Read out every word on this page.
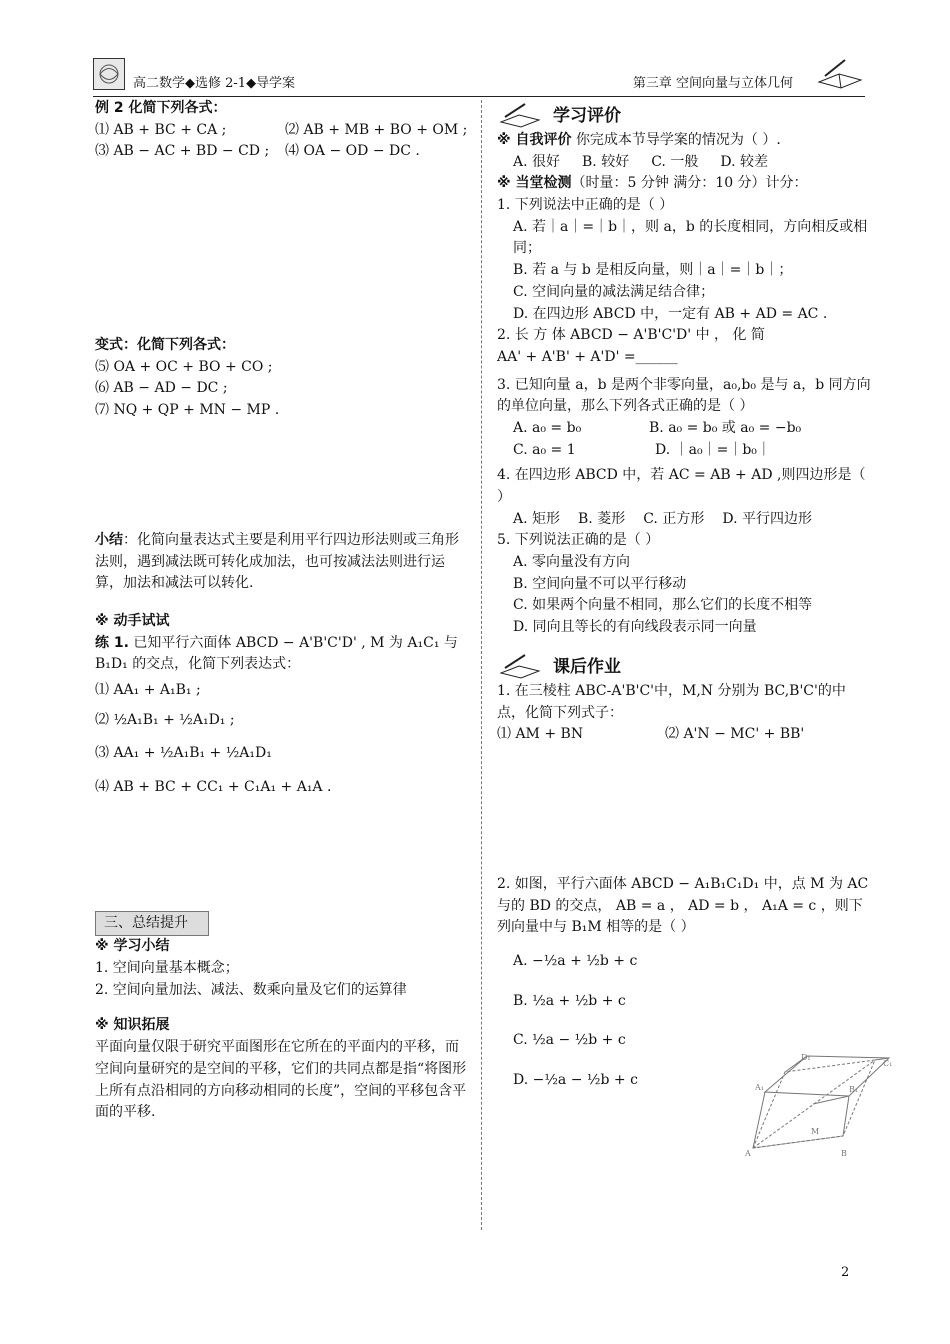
高二数学◆选修 2-1◆导学案	第三章 空间向量与立体几何
例 2 化简下列各式：
⑴ AB + BC + CA ;	⑵ AB + MB + BO + OM ;
⑶ AB − AC + BD − CD ;	⑷ OA − OD − DC .
变式：化简下列各式：
⑸ OA + OC + BO + CO ;
⑹ AB − AD − DC ;
⑺ NQ + QP + MN − MP .
小结：化简向量表达式主要是利用平行四边形法则或三角形法则，遇到减法既可转化成加法，也可按减法法则进行运算，加法和减法可以转化.
※ 动手试试
练 1. 已知平行六面体 ABCD − A'B'C'D' , M 为 A₁C₁ 与 B₁D₁ 的交点，化简下列表达式：
⑴ AA₁ + A₁B₁ ;
⑵ ½A₁B₁ + ½A₁D₁ ;
⑶ AA₁ + ½A₁B₁ + ½A₁D₁
⑷ AB + BC + CC₁ + C₁A₁ + A₁A .
三、总结提升
※ 学习小结
1. 空间向量基本概念；
2. 空间向量加法、减法、数乘向量及它们的运算律
※ 知识拓展
平面向量仅限于研究平面图形在它所在的平面内的平移，而空间向量研究的是空间的平移，它们的共同点都是指“将图形上所有点沿相同的方向移动相同的长度”，空间的平移包含平面的平移.
学习评价
※ 自我评价 你完成本节导学案的情况为（ ）.
A. 很好 B. 较好 C. 一般 D. 较差
※ 当堂检测（时量：5 分钟 满分：10 分）计分：
1. 下列说法中正确的是（ ）
A. 若｜a｜=｜b｜，则 a，b 的长度相同，方向相反或相同；
B. 若 a 与 b 是相反向量，则｜a｜=｜b｜；
C. 空间向量的减法满足结合律；
D. 在四边形 ABCD 中，一定有 AB + AD = AC .
2. 长 方 体 ABCD − A'B'C'D' 中 ， 化 简
AA' + A'B' + A'D' =______
3. 已知向量 a，b 是两个非零向量，a₀,b₀ 是与 a，b 同方向的单位向量，那么下列各式正确的是（ ）
A. a₀ = b₀	B. a₀ = b₀ 或 a₀ = −b₀
C. a₀ = 1	D. ｜a₀｜=｜b₀｜
4. 在四边形 ABCD 中，若 AC = AB + AD ,则四边形是（ ）
A. 矩形 B. 菱形 C. 正方形 D. 平行四边形
5. 下列说法正确的是（ ）
A. 零向量没有方向
B. 空间向量不可以平行移动
C. 如果两个向量不相同，那么它们的长度不相等
D. 同向且等长的有向线段表示同一向量
课后作业
1. 在三棱柱 ABC-A'B'C'中，M,N 分别为 BC,B'C'的中点，化简下列式子：
⑴ AM + BN	⑵ A'N − MC' + BB'
2. 如图，平行六面体 ABCD − A₁B₁C₁D₁ 中，点 M 为 AC 与的 BD 的交点， AB = a ， AD = b ， A₁A = c ，则下列向量中与 B₁M 相等的是（ ）
A. −½a + ½b + c
B. ½a + ½b + c
C. ½a − ½b + c
D. −½a − ½b + c
A
A₁
D₁
C₁
B₁
B
M
2
